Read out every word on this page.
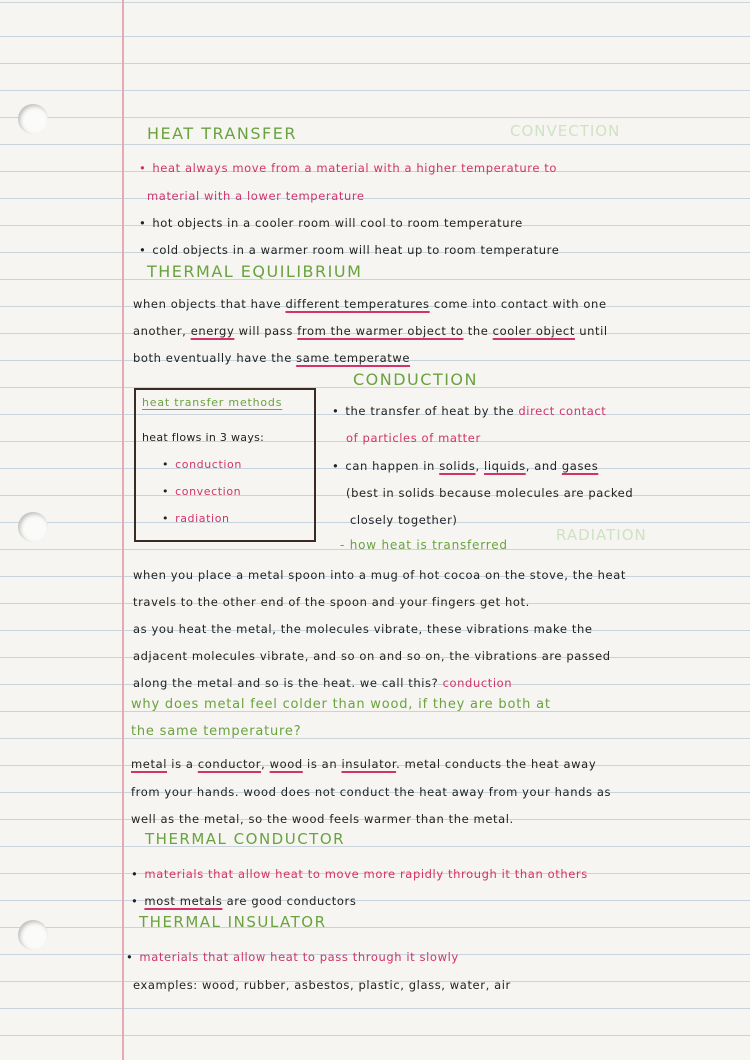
CONVECTION
RADIATION
HEAT TRANSFER
• heat always move from a material with a higher temperature to
material with a lower temperature
• hot objects in a cooler room will cool to room temperature
• cold objects in a warmer room will heat up to room temperature
THERMAL EQUILIBRIUM
when objects that have different temperatures come into contact with one
another, energy will pass from the warmer object to the cooler object until
both eventually have the same temperatwe
heat transfer methods
heat flows in 3 ways:
• conduction
• convection
• radiation
CONDUCTION
• the transfer of heat by the direct contact
of particles of matter
• can happen in solids, liquids, and gases
(best in solids because molecules are packed
closely together)
- how heat is transferred
when you place a metal spoon into a mug of hot cocoa on the stove, the heat
travels to the other end of the spoon and your fingers get hot.
as you heat the metal, the molecules vibrate, these vibrations make the
adjacent molecules vibrate, and so on and so on, the vibrations are passed
along the metal and so is the heat. we call this? conduction
why does metal feel colder than wood, if they are both at
the same temperature?
metal is a conductor, wood is an insulator. metal conducts the heat away
from your hands. wood does not conduct the heat away from your hands as
well as the metal, so the wood feels warmer than the metal.
THERMAL CONDUCTOR
• materials that allow heat to move more rapidly through it than others
• most metals are good conductors
THERMAL INSULATOR
• materials that allow heat to pass through it slowly
examples: wood, rubber, asbestos, plastic, glass, water, air
